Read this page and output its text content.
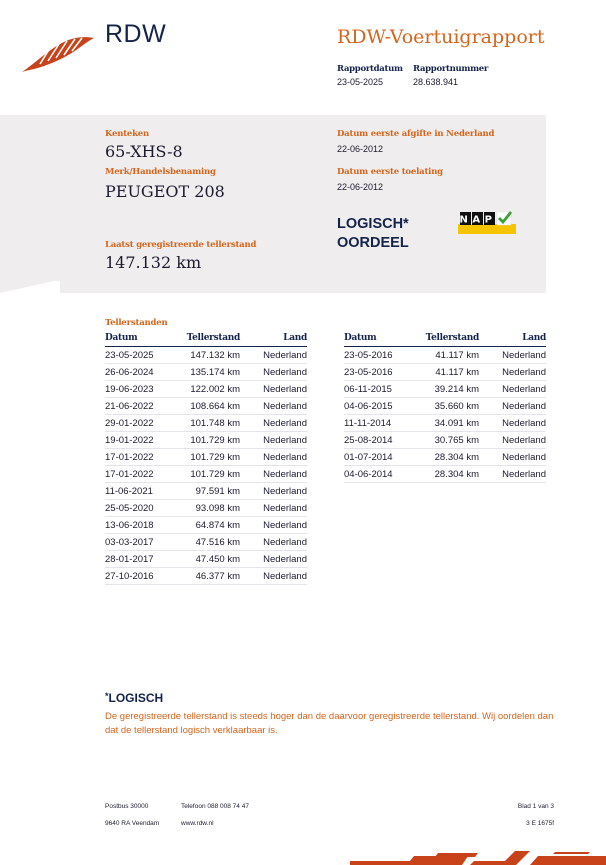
RDW	RDW-Voertuigrapport
Rapportdatum
23-05-2025
Rapportnummer
28.638.941
Kenteken
65-XHS-8
Merk/Handelsbenaming
PEUGEOT 208
Laatst geregistreerde tellerstand
147.132 km
Datum eerste afgifte in Nederland
22-06-2012
Datum eerste toelating
22-06-2012
LOGISCH* OORDEEL
NAP
Tellerstanden
Datum	Tellerstand	Land
23-05-2025	147.132 km	Nederland
26-06-2024	135.174 km	Nederland
19-06-2023	122.002 km	Nederland
21-06-2022	108.664 km	Nederland
29-01-2022	101.748 km	Nederland
19-01-2022	101.729 km	Nederland
17-01-2022	101.729 km	Nederland
17-01-2022	101.729 km	Nederland
11-06-2021	97.591 km	Nederland
25-05-2020	93.098 km	Nederland
13-06-2018	64.874 km	Nederland
03-03-2017	47.516 km	Nederland
28-01-2017	47.450 km	Nederland
27-10-2016	46.377 km	Nederland
Datum	Tellerstand	Land
23-05-2016	41.117 km	Nederland
23-05-2016	41.117 km	Nederland
06-11-2015	39.214 km	Nederland
04-06-2015	35.660 km	Nederland
11-11-2014	34.091 km	Nederland
25-08-2014	30.765 km	Nederland
01-07-2014	28.304 km	Nederland
04-06-2014	28.304 km	Nederland
*LOGISCH
De geregistreerde tellerstand is steeds hoger dan de daarvoor geregistreerde tellerstand. Wij oordelen dan dat de tellerstand logisch verklaarbaar is.
Postbus 30000
9640 RA Veendam
Telefoon 088 008 74 47
www.rdw.nl
Blad 1 van 3
3 E 1675f
